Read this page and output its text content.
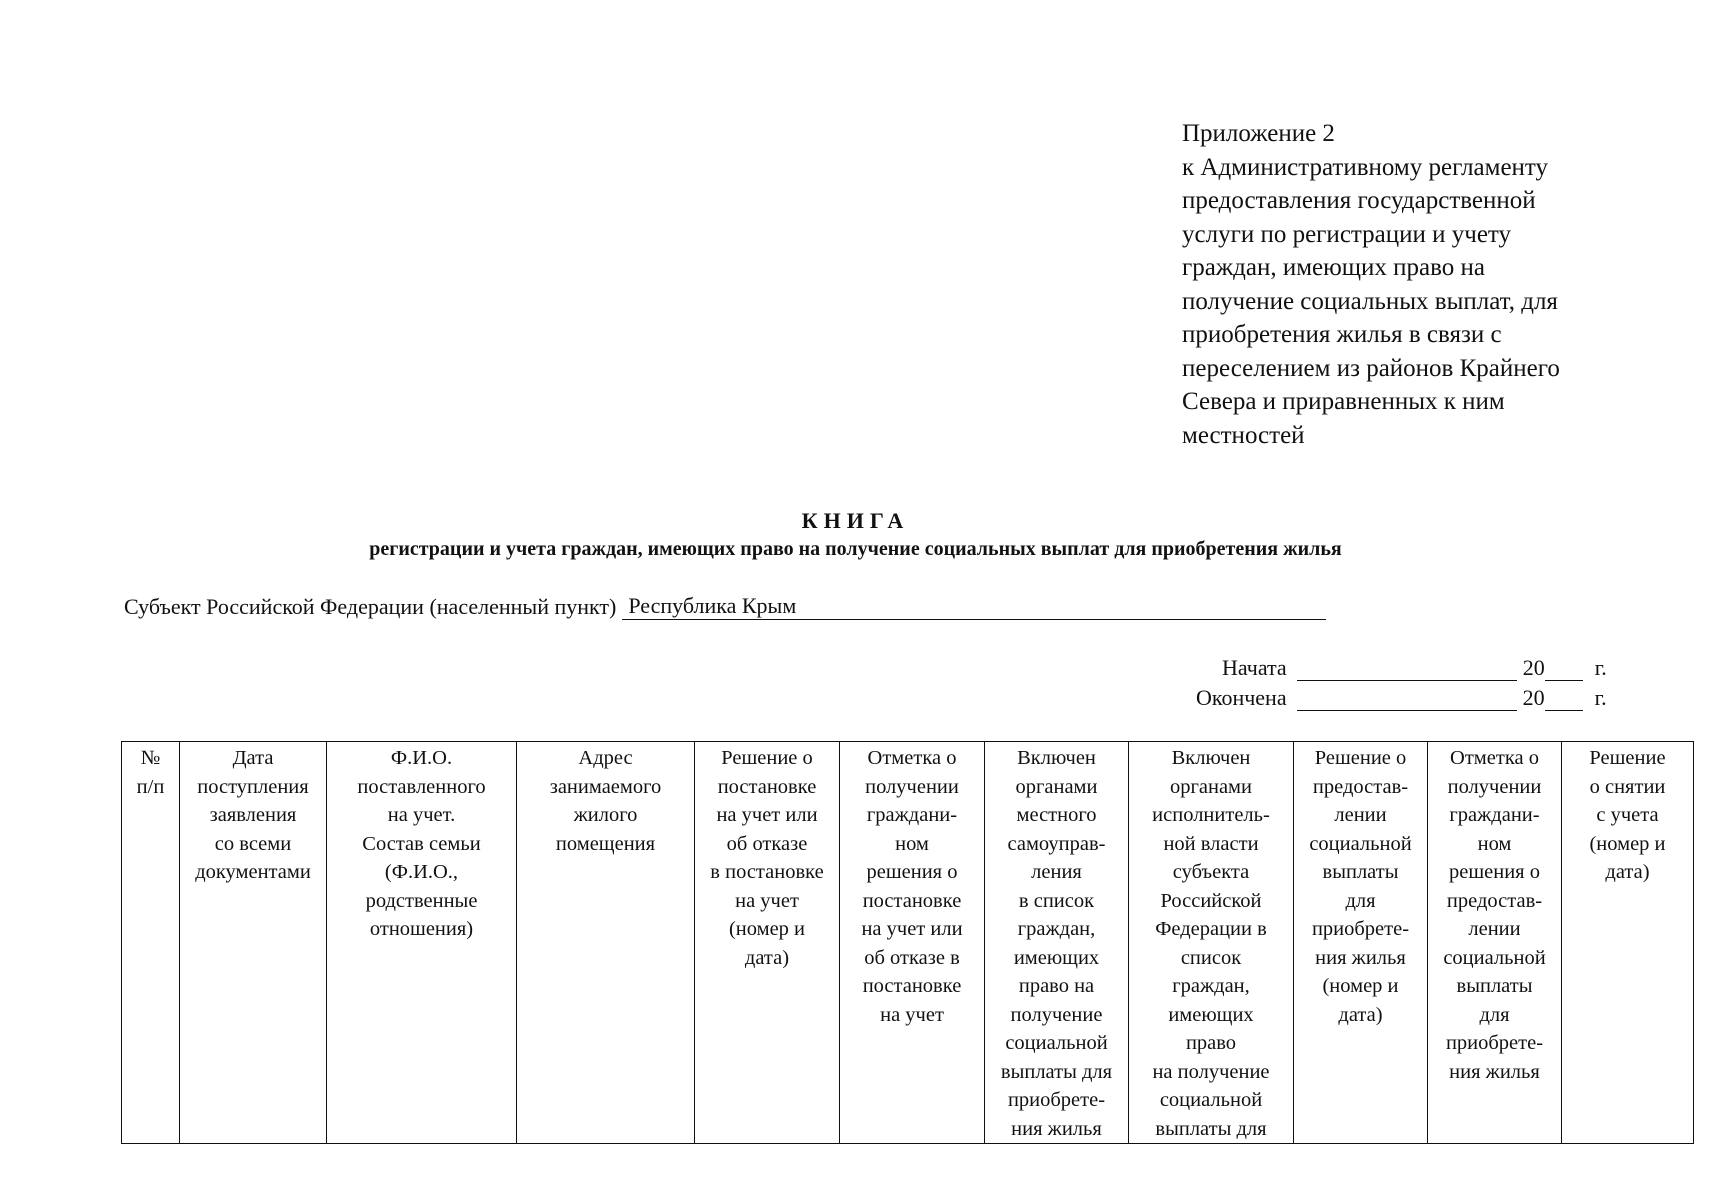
Приложение 2
к Административному регламенту
предоставления государственной
услуги по регистрации и учету
граждан, имеющих право на
получение социальных выплат, для
приобретения жилья в связи с
переселением из районов Крайнего
Севера и приравненных к ним
местностей
КНИГА
регистрации и учета граждан, имеющих право на получение социальных выплат для приобретения жилья
Субъект Российской Федерации (населенный пункт) Республика Крым
Начата	20 г.
Окончена	20 г.
№
п/п

Дата
поступления
заявления
со всеми
документами

Ф.И.О.
поставленного
на учет.
Состав семьи
(Ф.И.О.,
родственные
отношения)

Адрес
занимаемого
жилого
помещения

Решение о
постановке
на учет или
об отказе
в постановке
на учет
(номер и
дата)

Отметка о
получении
граждани-
ном
решения о
постановке
на учет или
об отказе в
постановке
на учет

Включен
органами
местного
самоуправ-
ления
в список
граждан,
имеющих
право на
получение
социальной
выплаты для
приобрете-
ния жилья

Включен
органами
исполнитель-
ной власти
субъекта
Российской
Федерации в
список
граждан,
имеющих
право
на получение
социальной
выплаты для

Решение о
предостав-
лении
социальной
выплаты
для
приобрете-
ния жилья
(номер и
дата)

Отметка о
получении
граждани-
ном
решения о
предостав-
лении
социальной
выплаты
для
приобрете-
ния жилья

Решение
о снятии
с учета
(номер и
дата)
